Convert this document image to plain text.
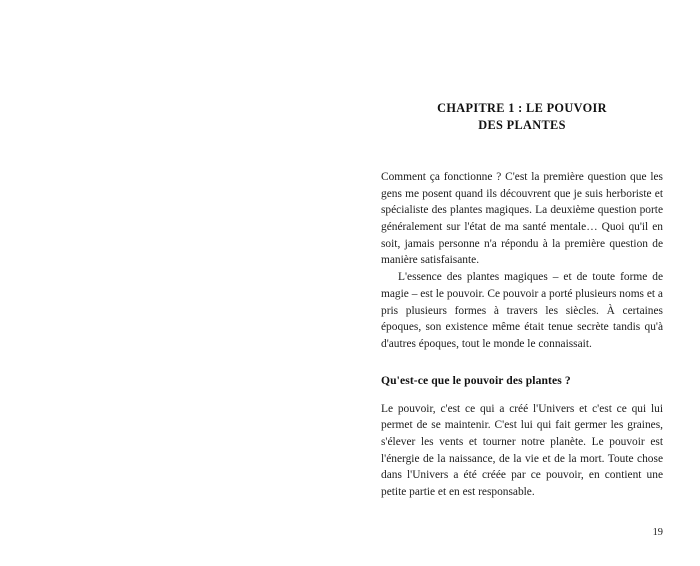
CHAPITRE 1 : LE POUVOIR
DES PLANTES

Comment ça fonctionne ? C'est la première question que les gens me posent quand ils découvrent que je suis herboriste et spécialiste des plantes magiques. La deuxième question porte généralement sur l'état de ma santé mentale… Quoi qu'il en soit, jamais personne n'a répondu à la première question de manière satisfaisante.

L'essence des plantes magiques – et de toute forme de magie – est le pouvoir. Ce pouvoir a porté plusieurs noms et a pris plusieurs formes à travers les siècles. À certaines époques, son existence même était tenue secrète tandis qu'à d'autres époques, tout le monde le connaissait.

Qu'est-ce que le pouvoir des plantes ?

Le pouvoir, c'est ce qui a créé l'Univers et c'est ce qui lui permet de se maintenir. C'est lui qui fait germer les graines, s'élever les vents et tourner notre planète. Le pouvoir est l'énergie de la naissance, de la vie et de la mort. Toute chose dans l'Univers a été créée par ce pouvoir, en contient une petite partie et en est responsable.

19
